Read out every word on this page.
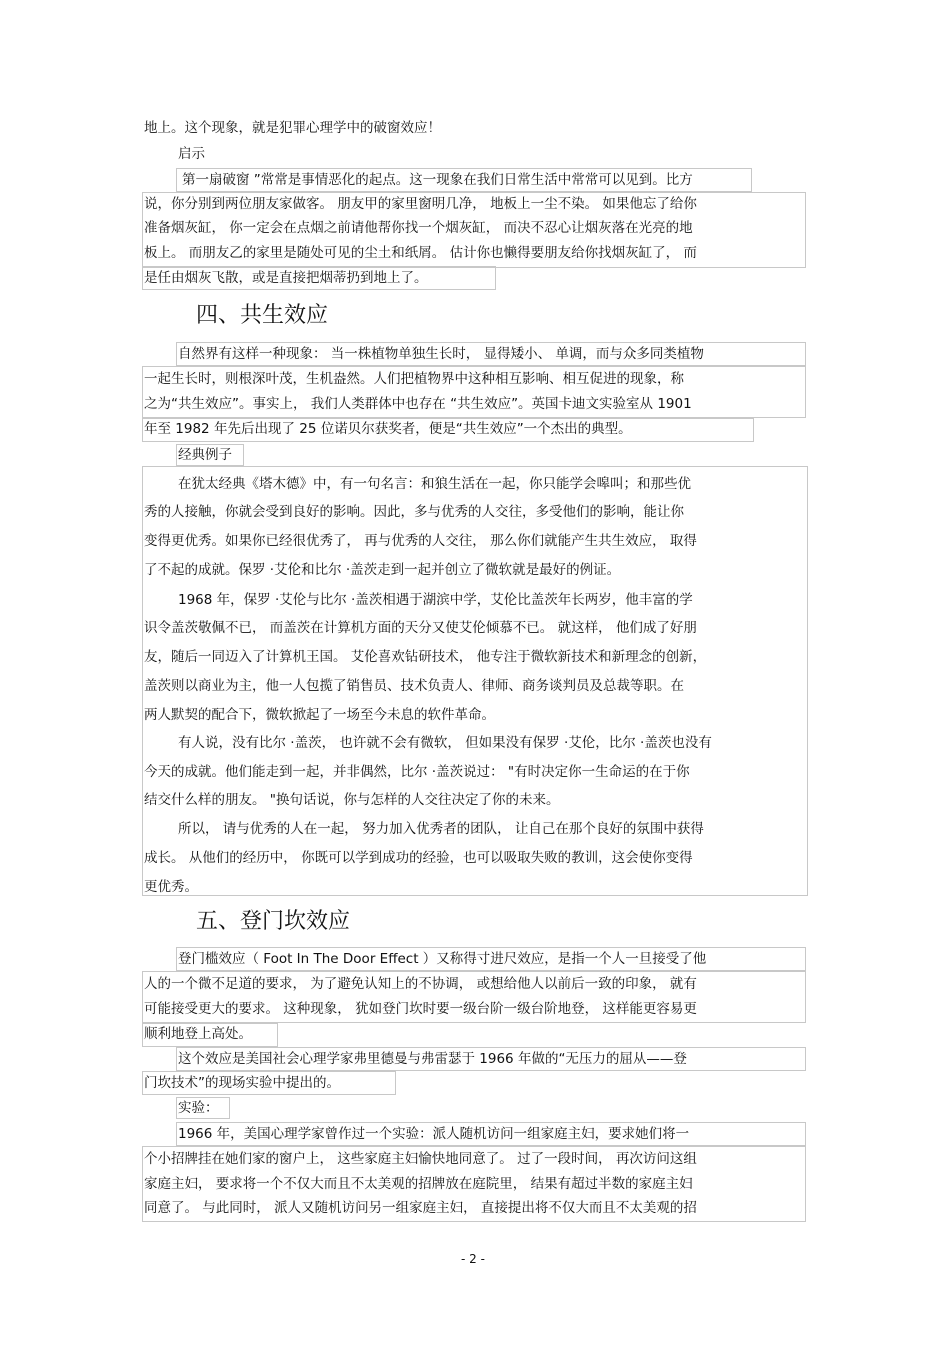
地上。这个现象，就是犯罪心理学中的破窗效应！
启示
第一扇破窗 ”常常是事情恶化的起点。这一现象在我们日常生活中常常可以见到。比方
说，你分别到两位朋友家做客。 朋友甲的家里窗明几净， 地板上一尘不染。 如果他忘了给你
准备烟灰缸， 你一定会在点烟之前请他帮你找一个烟灰缸， 而决不忍心让烟灰落在光亮的地
板上。 而朋友乙的家里是随处可见的尘土和纸屑。 估计你也懒得要朋友给你找烟灰缸了， 而
是任由烟灰飞散，或是直接把烟蒂扔到地上了。
四、共生效应
自然界有这样一种现象： 当一株植物单独生长时， 显得矮小、 单调，而与众多同类植物
一起生长时，则根深叶茂，生机盎然。人们把植物界中这种相互影响、相互促进的现象，称
之为“共生效应”。事实上， 我们人类群体中也存在 “共生效应”。英国卡迪文实验室从 1901
年至 1982 年先后出现了 25 位诺贝尔获奖者，便是“共生效应”一个杰出的典型。
经典例子
在犹太经典《塔木德》中，有一句名言：和狼生活在一起，你只能学会嗥叫；和那些优
秀的人接触，你就会受到良好的影响。因此，多与优秀的人交往，多受他们的影响，能让你
变得更优秀。如果你已经很优秀了， 再与优秀的人交往， 那么你们就能产生共生效应， 取得
了不起的成就。保罗 ·艾伦和比尔 ·盖茨走到一起并创立了微软就是最好的例证。
1968 年，保罗 ·艾伦与比尔 ·盖茨相遇于湖滨中学，艾伦比盖茨年长两岁，他丰富的学
识令盖茨敬佩不已， 而盖茨在计算机方面的天分又使艾伦倾慕不已。 就这样， 他们成了好朋
友，随后一同迈入了计算机王国。 艾伦喜欢钻研技术， 他专注于微软新技术和新理念的创新，
盖茨则以商业为主，他一人包揽了销售员、技术负责人、律师、商务谈判员及总裁等职。在
两人默契的配合下，微软掀起了一场至今未息的软件革命。
有人说，没有比尔 ·盖茨， 也许就不会有微软， 但如果没有保罗 ·艾伦，比尔 ·盖茨也没有
今天的成就。他们能走到一起，并非偶然，比尔 ·盖茨说过： "有时决定你一生命运的在于你
结交什么样的朋友。 "换句话说，你与怎样的人交往决定了你的未来。
所以， 请与优秀的人在一起， 努力加入优秀者的团队， 让自己在那个良好的氛围中获得
成长。 从他们的经历中， 你既可以学到成功的经验，也可以吸取失败的教训，这会使你变得
更优秀。
五、登门坎效应
登门槛效应（ Foot In The Door Effect ）又称得寸进尺效应，是指一个人一旦接受了他
人的一个微不足道的要求， 为了避免认知上的不协调， 或想给他人以前后一致的印象， 就有
可能接受更大的要求。 这种现象， 犹如登门坎时要一级台阶一级台阶地登， 这样能更容易更
顺利地登上高处。
这个效应是美国社会心理学家弗里德曼与弗雷瑟于 1966 年做的“无压力的屈从——登
门坎技术”的现场实验中提出的。
实验：
1966 年，美国心理学家曾作过一个实验：派人随机访问一组家庭主妇，要求她们将一
个小招牌挂在她们家的窗户上， 这些家庭主妇愉快地同意了。 过了一段时间， 再次访问这组
家庭主妇， 要求将一个不仅大而且不太美观的招牌放在庭院里， 结果有超过半数的家庭主妇
同意了。 与此同时， 派人又随机访问另一组家庭主妇， 直接提出将不仅大而且不太美观的招
- 2 -
